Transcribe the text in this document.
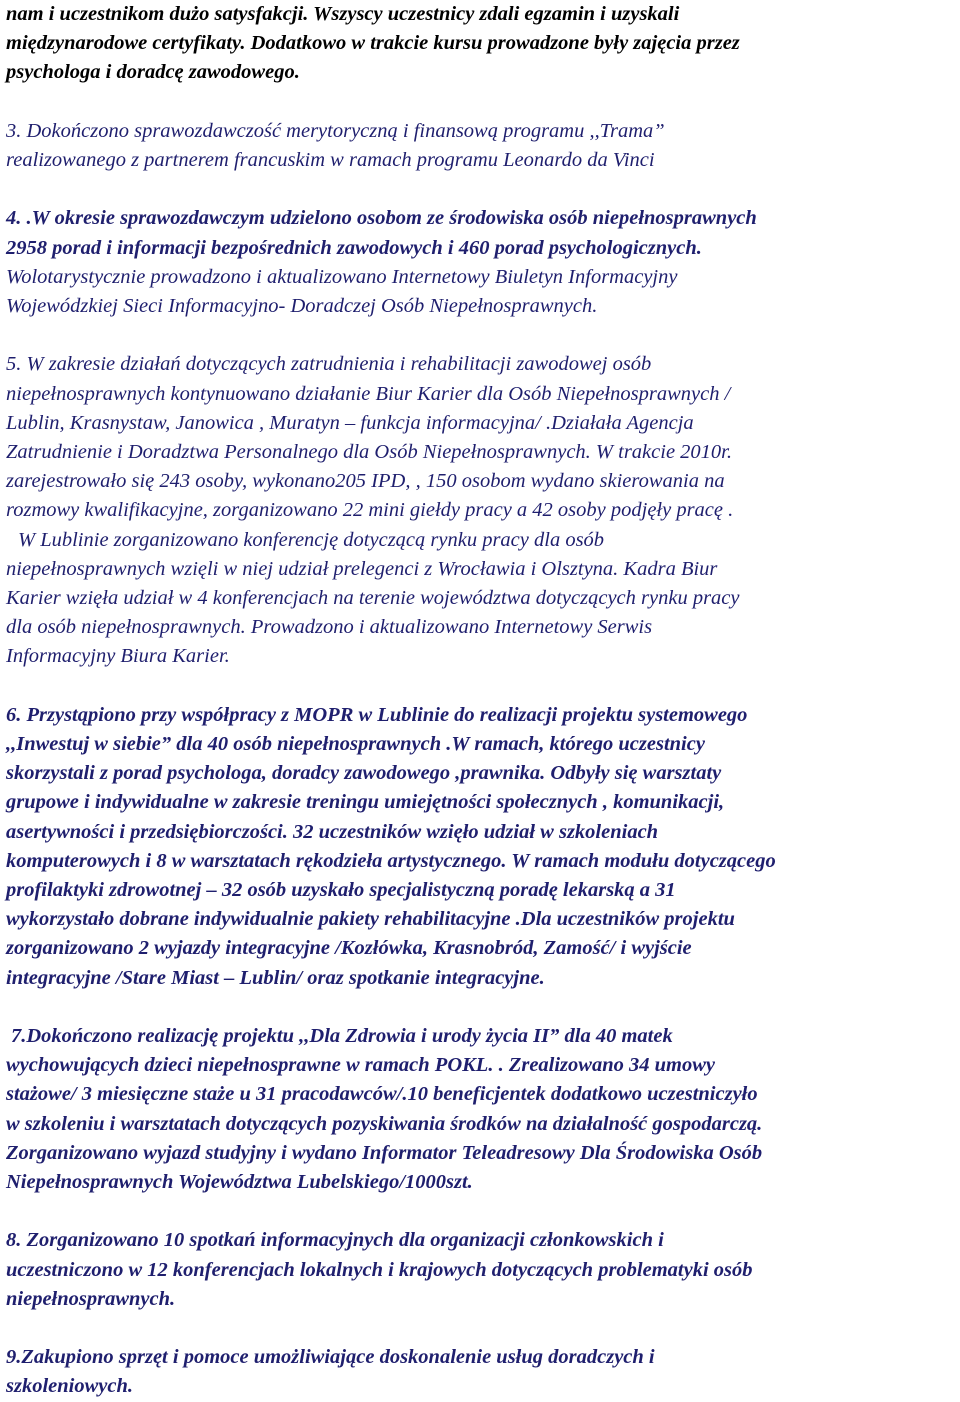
nam i uczestnikom dużo satysfakcji. Wszyscy uczestnicy zdali egzamin i uzyskali
międzynarodowe certyfikaty. Dodatkowo w trakcie kursu prowadzone były zajęcia przez
psychologa i doradcę zawodowego.
3. Dokończono sprawozdawczość merytoryczną i finansową programu ,,Trama”
realizowanego z partnerem francuskim w ramach programu Leonardo da Vinci
4. .W okresie sprawozdawczym udzielono osobom ze środowiska osób niepełnosprawnych
2958 porad i informacji bezpośrednich zawodowych i 460 porad psychologicznych.
Wolotarystycznie prowadzono i aktualizowano Internetowy Biuletyn Informacyjny
Wojewódzkiej Sieci Informacyjno- Doradczej Osób Niepełnosprawnych.
5. W zakresie działań dotyczących zatrudnienia i rehabilitacji zawodowej osób
niepełnosprawnych kontynuowano działanie Biur Karier dla Osób Niepełnosprawnych /
Lublin, Krasnystaw, Janowica , Muratyn – funkcja informacyjna/ .Działała Agencja
Zatrudnienie i Doradztwa Personalnego dla Osób Niepełnosprawnych. W trakcie 2010r.
zarejestrowało się 243 osoby, wykonano205 IPD, , 150 osobom wydano skierowania na
rozmowy kwalifikacyjne, zorganizowano 22 mini giełdy pracy a 42 osoby podjęły pracę .
W Lublinie zorganizowano konferencję dotyczącą rynku pracy dla osób
niepełnosprawnych wzięli w niej udział prelegenci z Wrocławia i Olsztyna. Kadra Biur
Karier wzięła udział w 4 konferencjach na terenie województwa dotyczących rynku pracy
dla osób niepełnosprawnych. Prowadzono i aktualizowano Internetowy Serwis
Informacyjny Biura Karier.
6. Przystąpiono przy współpracy z MOPR w Lublinie do realizacji projektu systemowego
,,Inwestuj w siebie” dla 40 osób niepełnosprawnych .W ramach, którego uczestnicy
skorzystali z porad psychologa, doradcy zawodowego ,prawnika. Odbyły się warsztaty
grupowe i indywidualne w zakresie treningu umiejętności społecznych , komunikacji,
asertywności i przedsiębiorczości. 32 uczestników wzięło udział w szkoleniach
komputerowych i 8 w warsztatach rękodzieła artystycznego. W ramach modułu dotyczącego
profilaktyki zdrowotnej – 32 osób uzyskało specjalistyczną poradę lekarską a 31
wykorzystało dobrane indywidualnie pakiety rehabilitacyjne .Dla uczestników projektu
zorganizowano 2 wyjazdy integracyjne /Kozłówka, Krasnobród, Zamość/ i wyjście
integracyjne /Stare Miast – Lublin/ oraz spotkanie integracyjne.
7.Dokończono realizację projektu ,,Dla Zdrowia i urody życia II” dla 40 matek
wychowujących dzieci niepełnosprawne w ramach POKL. . Zrealizowano 34 umowy
stażowe/ 3 miesięczne staże u 31 pracodawców/.10 beneficjentek dodatkowo uczestniczyło
w szkoleniu i warsztatach dotyczących pozyskiwania środków na działalność gospodarczą.
Zorganizowano wyjazd studyjny i wydano Informator Teleadresowy Dla Środowiska Osób
Niepełnosprawnych Województwa Lubelskiego/1000szt.
8. Zorganizowano 10 spotkań informacyjnych dla organizacji członkowskich i
uczestniczono w 12 konferencjach lokalnych i krajowych dotyczących problematyki osób
niepełnosprawnych.
9.Zakupiono sprzęt i pomoce umożliwiające doskonalenie usług doradczych i
szkoleniowych.
